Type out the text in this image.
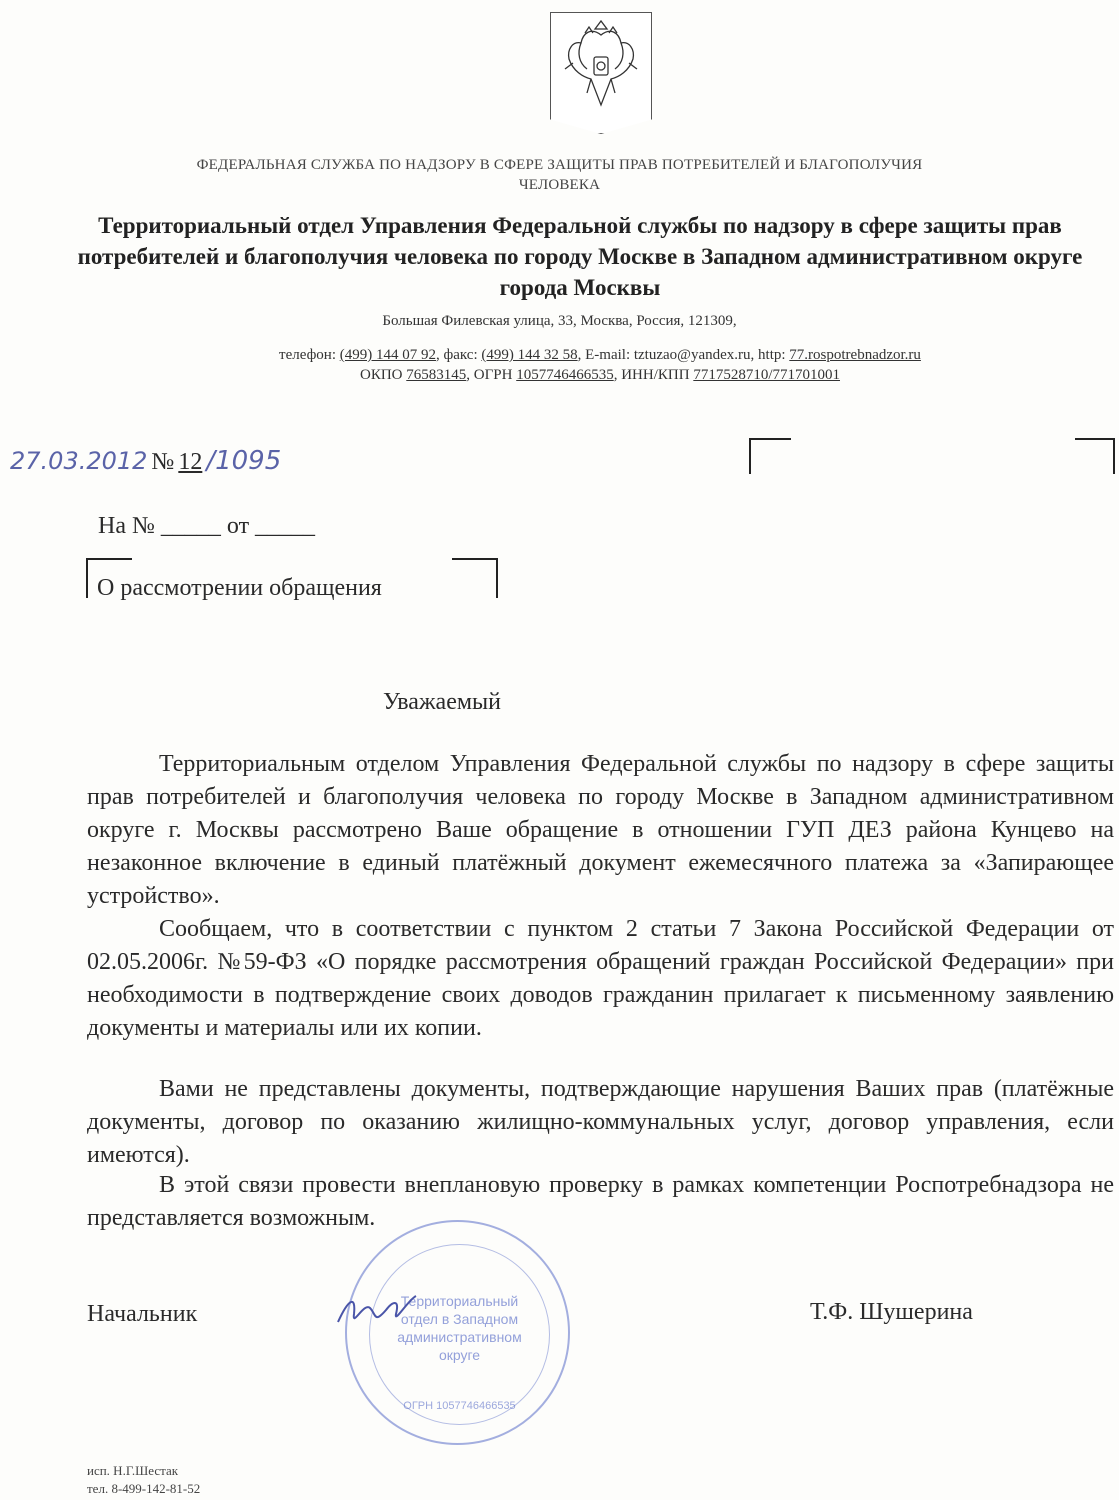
ФЕДЕРАЛЬНАЯ СЛУЖБА ПО НАДЗОРУ В СФЕРЕ ЗАЩИТЫ ПРАВ ПОТРЕБИТЕЛЕЙ И БЛАГОПОЛУЧИЯ
ЧЕЛОВЕКА
Территориальный отдел Управления Федеральной службы по надзору в сфере защиты прав потребителей и благополучия человека по городу Москве в Западном административном округе города Москвы
Большая Филевская улица, 33, Москва, Россия, 121309,
телефон: (499) 144 07 92, факс: (499) 144 32 58, E-mail: tztuzao@yandex.ru, http: 77.rospotrebnadzor.ru
ОКПО 76583145, ОГРН 1057746466535, ИНН/КПП 7717528710/771701001
27.03.2012 № 12 /1095
На № _____ от _____
О рассмотрении обращения
Уважаемый
Территориальным отделом Управления Федеральной службы по надзору в сфере защиты прав потребителей и благополучия человека по городу Москве в Западном административном округе г. Москвы рассмотрено Ваше обращение в отношении ГУП ДЕЗ района Кунцево на незаконное включение в единый платёжный документ ежемесячного платежа за «Запирающее устройство».
Сообщаем, что в соответствии с пунктом 2 статьи 7 Закона Российской Федерации от 02.05.2006г. №59-ФЗ «О порядке рассмотрения обращений граждан Российской Федерации» при необходимости в подтверждение своих доводов гражданин прилагает к письменному заявлению документы и материалы или их копии.
Вами не представлены документы, подтверждающие нарушения Ваших прав (платёжные документы, договор по оказанию жилищно-коммунальных услуг, договор управления, если имеются).
В этой связи провести внеплановую проверку в рамках компетенции Роспотребнадзора не представляется возможным.
Территориальный отдел в Западном административном округе
ОГРН 1057746466535
Начальник	Т.Ф. Шушерина
исп. Н.Г.Шестак
тел. 8-499-142-81-52
